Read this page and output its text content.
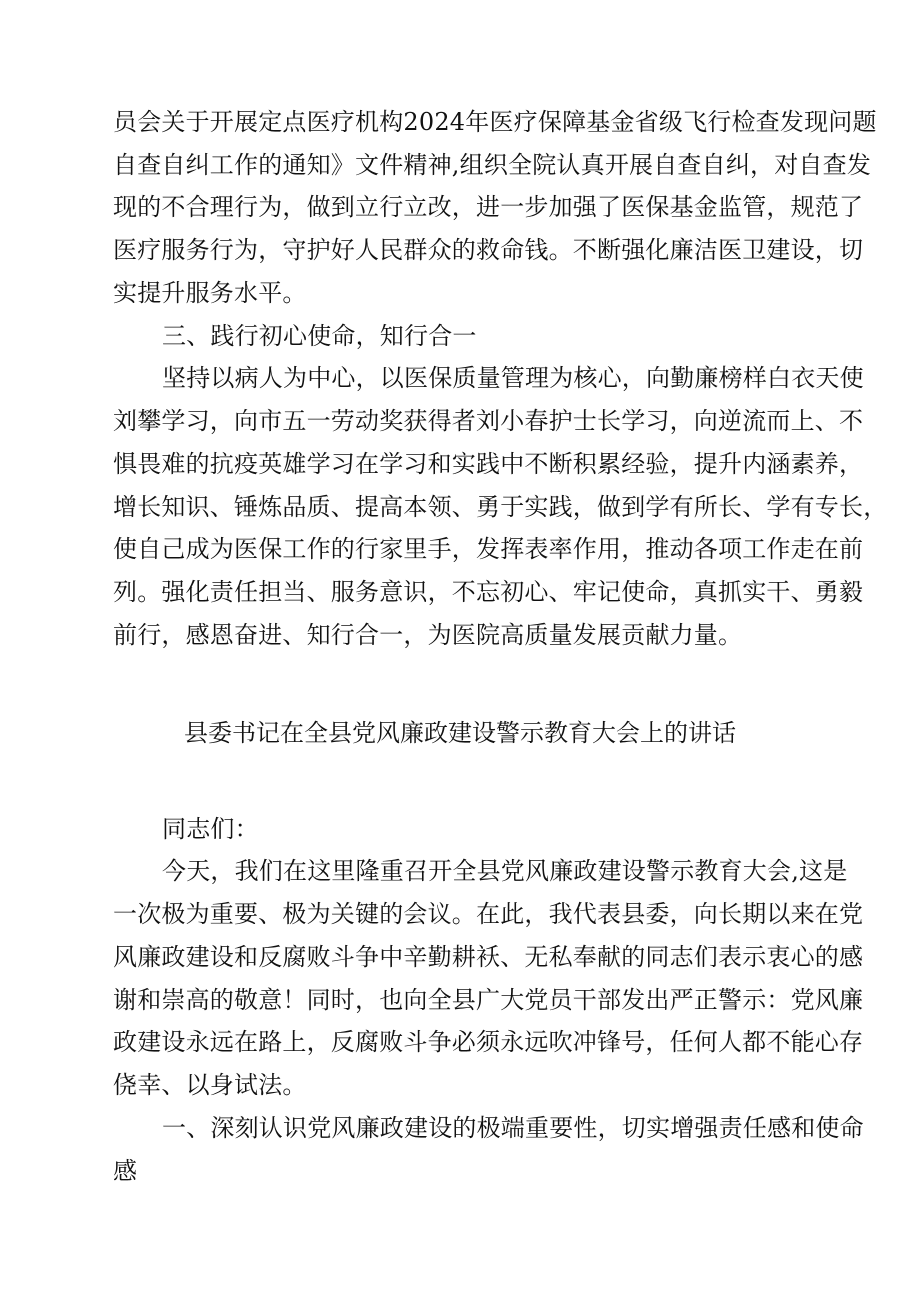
员会关于开展定点医疗机构2024年医疗保障基金省级飞行检查发现问题
自查自纠工作的通知》文件精神,组织全院认真开展自查自纠，对自查发
现的不合理行为，做到立行立改，进一步加强了医保基金监管，规范了
医疗服务行为，守护好人民群众的救命钱。不断强化廉洁医卫建设，切
实提升服务水平。
三、践行初心使命，知行合一
坚持以病人为中心，以医保质量管理为核心，向勤廉榜样白衣天使
刘攀学习，向市五一劳动奖获得者刘小春护士长学习，向逆流而上、不
惧畏难的抗疫英雄学习在学习和实践中不断积累经验，提升内涵素养，
增长知识、锤炼品质、提高本领、勇于实践，做到学有所长、学有专长，
使自己成为医保工作的行家里手，发挥表率作用，推动各项工作走在前
列。强化责任担当、服务意识，不忘初心、牢记使命，真抓实干、勇毅
前行，感恩奋进、知行合一，为医院高质量发展贡献力量。
县委书记在全县党风廉政建设警示教育大会上的讲话
同志们：
今天，我们在这里隆重召开全县党风廉政建设警示教育大会,这是
一次极为重要、极为关键的会议。在此，我代表县委，向长期以来在党
风廉政建设和反腐败斗争中辛勤耕袄、无私奉献的同志们表示衷心的感
谢和崇高的敬意！同时，也向全县广大党员干部发出严正警示：党风廉
政建设永远在路上，反腐败斗争必须永远吹冲锋号，任何人都不能心存
侥幸、以身试法。
一、深刻认识党风廉政建设的极端重要性，切实增强责任感和使命
感
